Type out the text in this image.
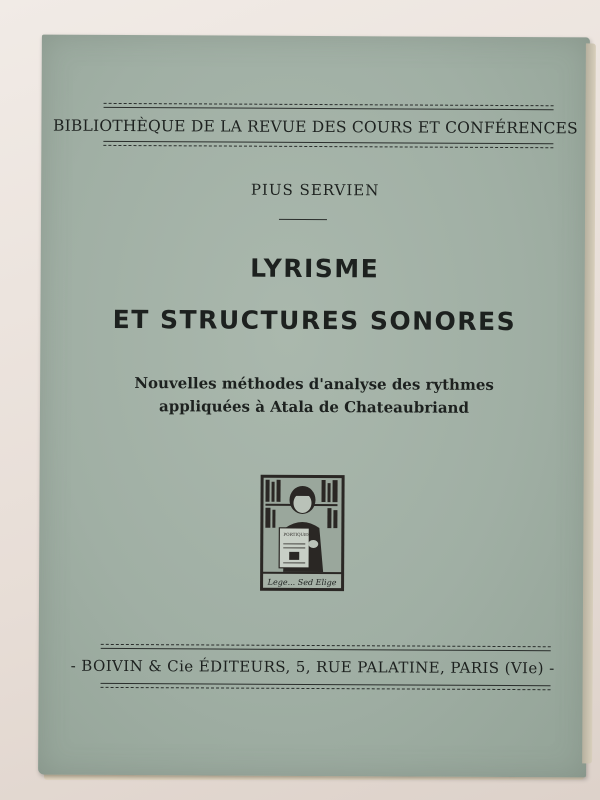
BIBLIOTHÈQUE DE LA REVUE DES COURS ET CONFÉRENCES
PIUS SERVIEN
LYRISME
ET STRUCTURES SONORES
Nouvelles méthodes d'analyse des rythmes
appliquées à Atala de Chateaubriand
PORTIQUES
Lege... Sed Elige
- BOIVIN & Cie ÉDITEURS, 5, RUE PALATINE, PARIS (VIe) -
